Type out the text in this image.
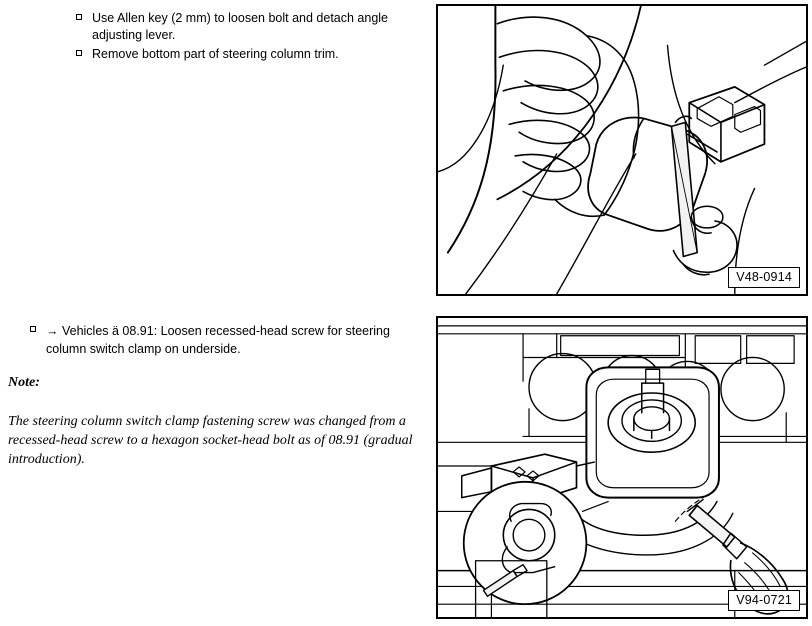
Use Allen key (2 mm) to loosen bolt and detach angle adjusting lever.
Remove bottom part of steering column trim.
→ Vehicles ä 08.91: Loosen recessed-head screw for steering column switch clamp on underside.
Note:
The steering column switch clamp fastening screw was changed from a recessed-head screw to a hexagon socket-head bolt as of 08.91 (gradual introduction).
V48-0914
V94-0721
